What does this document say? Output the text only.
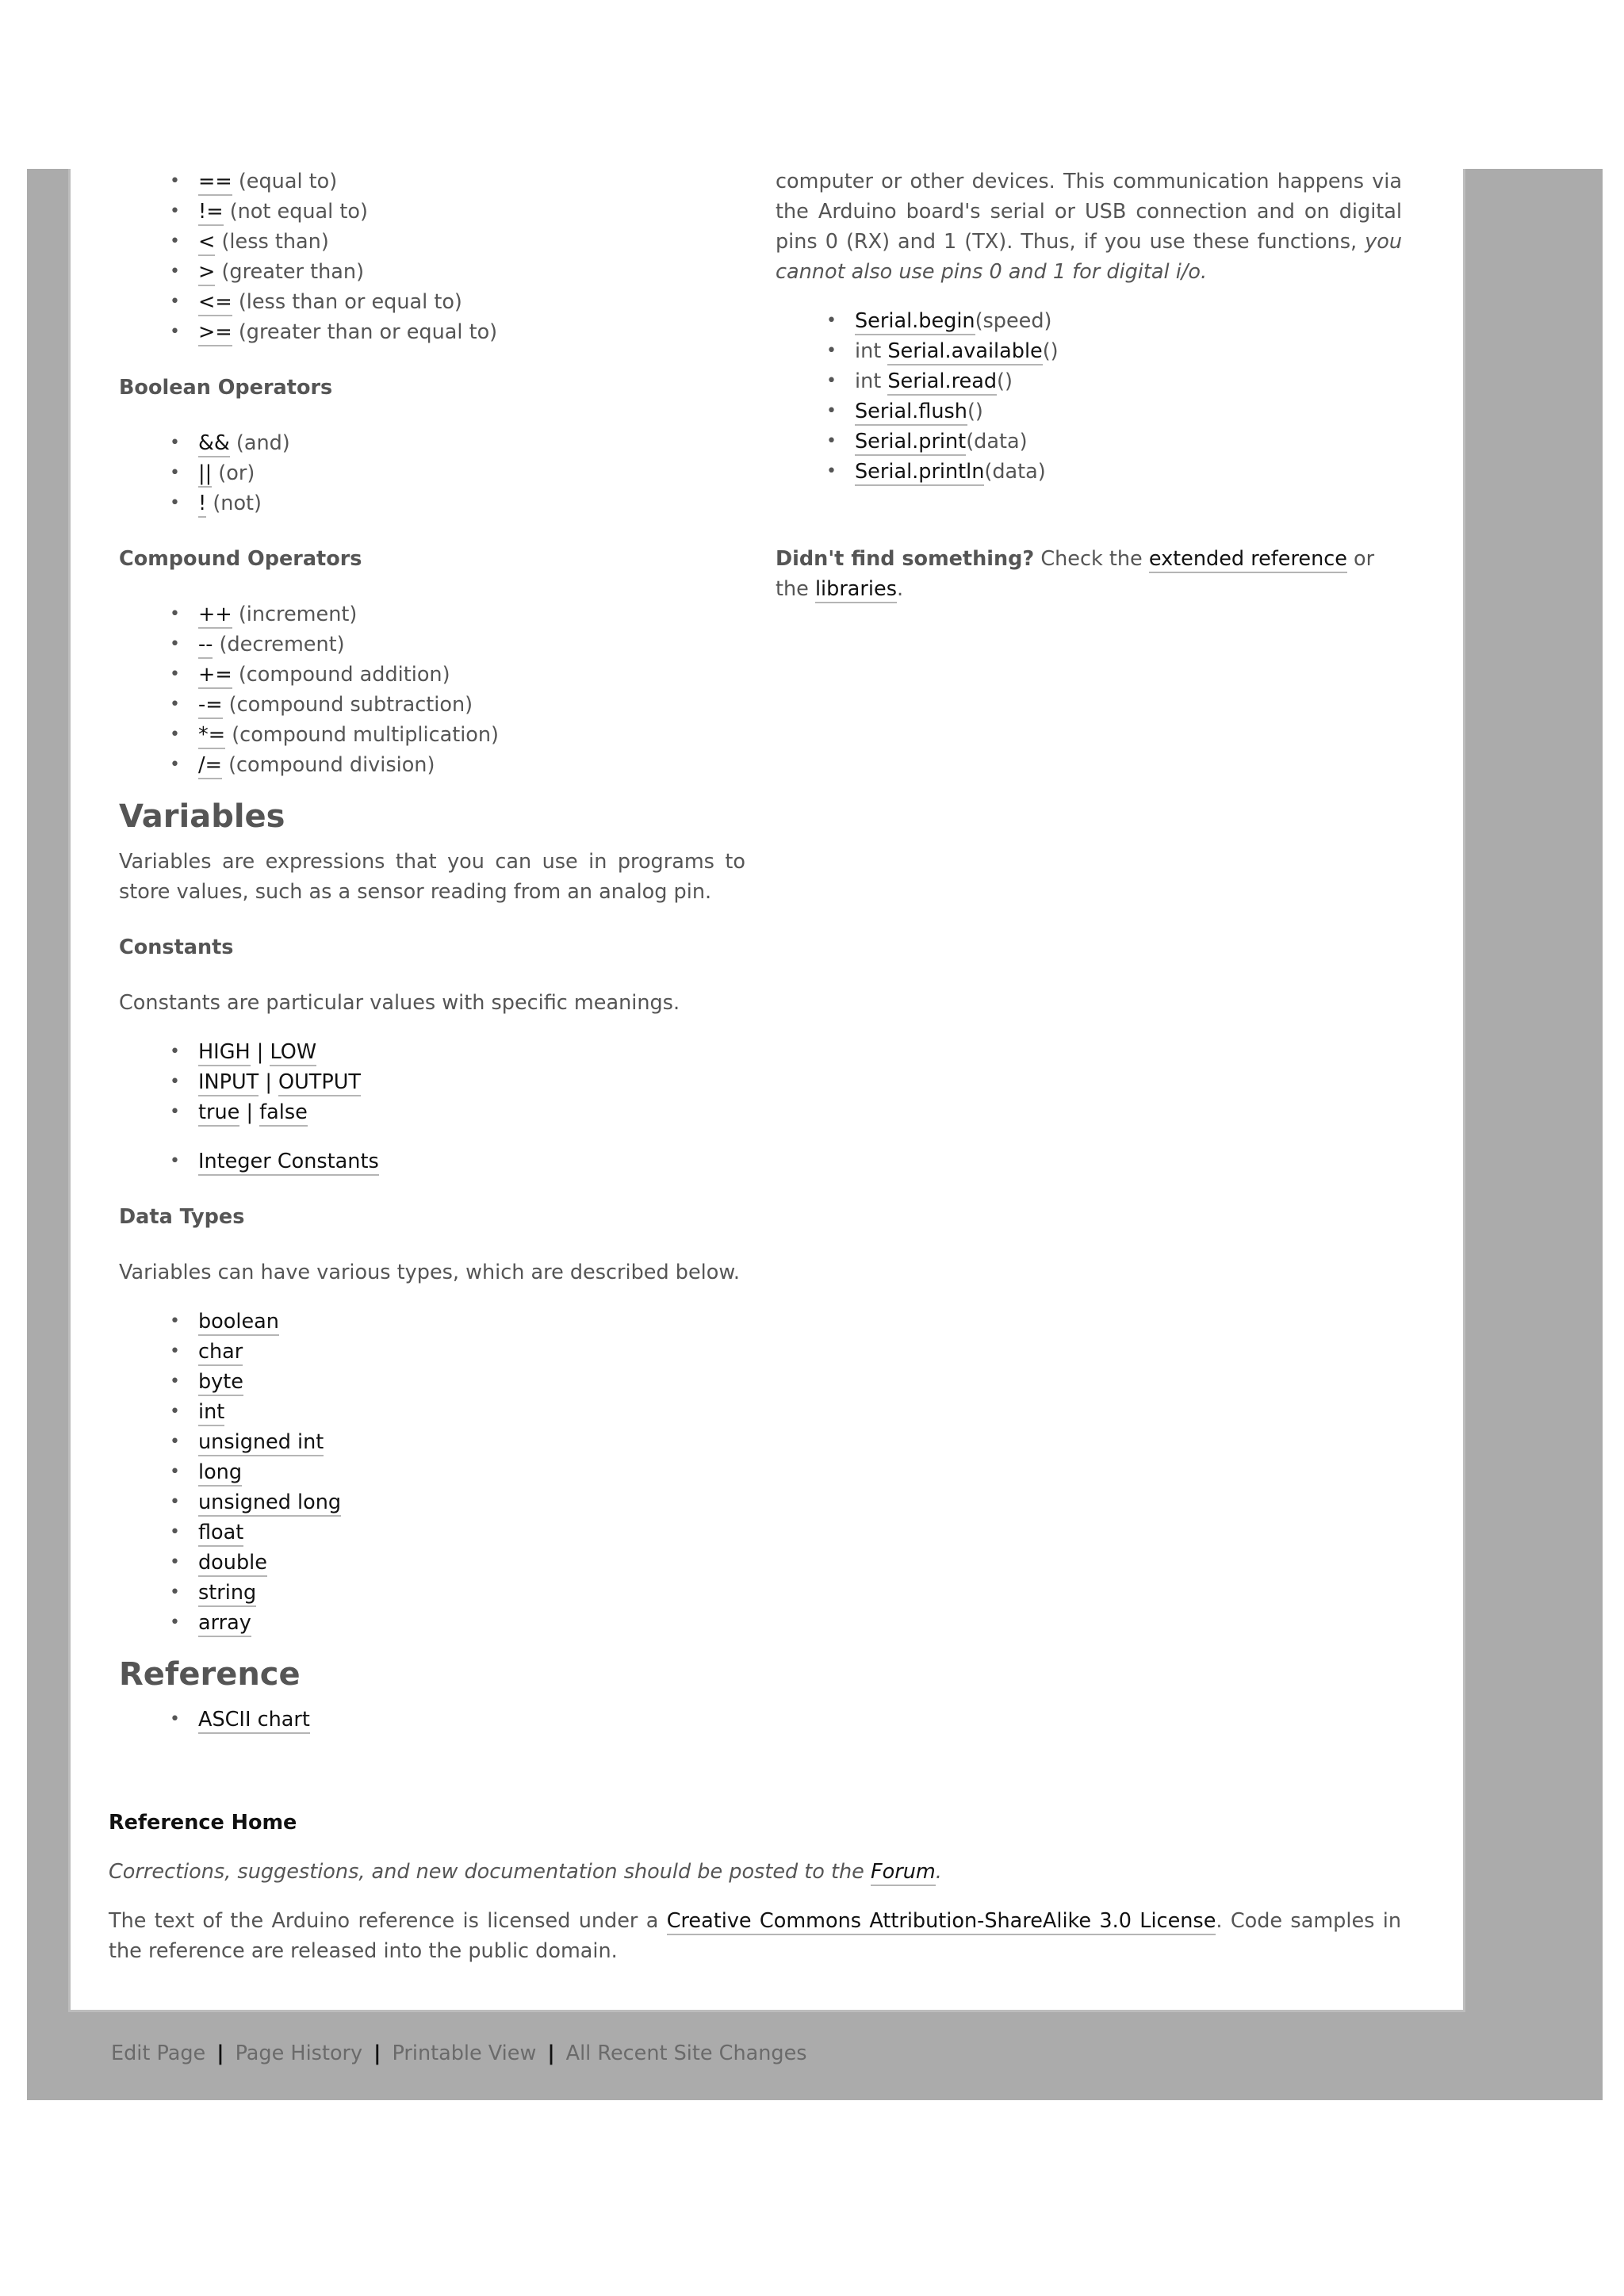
• == (equal to)
• != (not equal to)
• < (less than)
• > (greater than)
• <= (less than or equal to)
• >= (greater than or equal to)
Boolean Operators
• && (and)
• || (or)
• ! (not)
Compound Operators
• ++ (increment)
• -- (decrement)
• += (compound addition)
• -= (compound subtraction)
• *= (compound multiplication)
• /= (compound division)
Variables

Variables are expressions that you can use in programs to store values, such as a sensor reading from an analog pin.

Constants

Constants are particular values with specific meanings.

• HIGH | LOW
• INPUT | OUTPUT
• true | false
• Integer Constants
Data Types

Variables can have various types, which are described below.

• boolean
• char
• byte
• int
• unsigned int
• long
• unsigned long
• float
• double
• string
• array
Reference
• ASCII chart

computer or other devices. This communication happens via the Arduino board's serial or USB connection and on digital pins 0 (RX) and 1 (TX). Thus, if you use these functions, you cannot also use pins 0 and 1 for digital i/o.

• Serial.begin(speed)
• int Serial.available()
• int Serial.read()
• Serial.flush()
• Serial.print(data)
• Serial.println(data)

Didn't find something? Check the extended reference or the libraries.

Reference Home

Corrections, suggestions, and new documentation should be posted to the Forum.

The text of the Arduino reference is licensed under a Creative Commons Attribution-ShareAlike 3.0 License. Code samples in the reference are released into the public domain.

Edit Page | Page History | Printable View | All Recent Site Changes
